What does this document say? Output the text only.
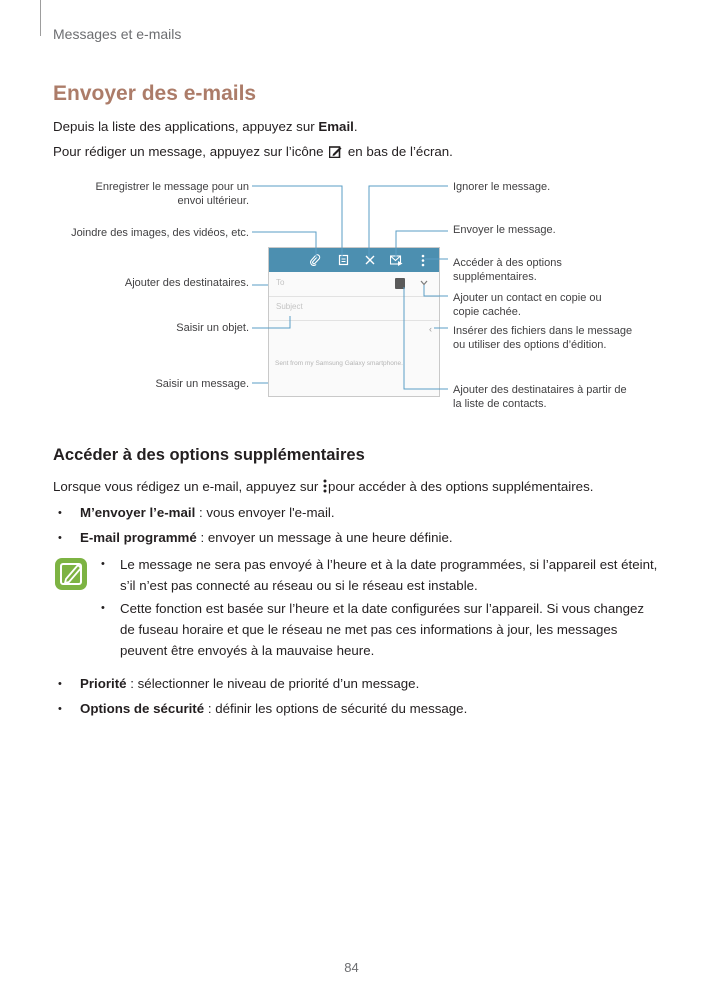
Messages et e-mails
Envoyer des e-mails
Depuis la liste des applications, appuyez sur Email.
Pour rédiger un message, appuyez sur l’icône  en bas de l’écran.
Enregistrer le message pour un
envoi ultérieur.
Joindre des images, des vidéos, etc.
Ajouter des destinataires.
Saisir un objet.
Saisir un message.
Ignorer le message.
Envoyer le message.
Accéder à des options
supplémentaires.
Ajouter un contact en copie ou
copie cachée.
Insérer des fichiers dans le message
ou utiliser des options d’édition.
Ajouter des destinataires à partir de
la liste de contacts.
To
Subject
‹
Sent from my Samsung Galaxy smartphone.
Accéder à des options supplémentaires
Lorsque vous rédigez un e-mail, appuyez sur pour accéder à des options supplémentaires.
• M’envoyer l’e-mail : vous envoyer l'e-mail.
• E-mail programmé : envoyer un message à une heure définie.
• Le message ne sera pas envoyé à l’heure et à la date programmées, si l’appareil est éteint,
s’il n’est pas connecté au réseau ou si le réseau est instable.
• Cette fonction est basée sur l’heure et la date configurées sur l’appareil. Si vous changez
de fuseau horaire et que le réseau ne met pas ces informations à jour, les messages
peuvent être envoyés à la mauvaise heure.
• Priorité : sélectionner le niveau de priorité d’un message.
• Options de sécurité : définir les options de sécurité du message.
84
